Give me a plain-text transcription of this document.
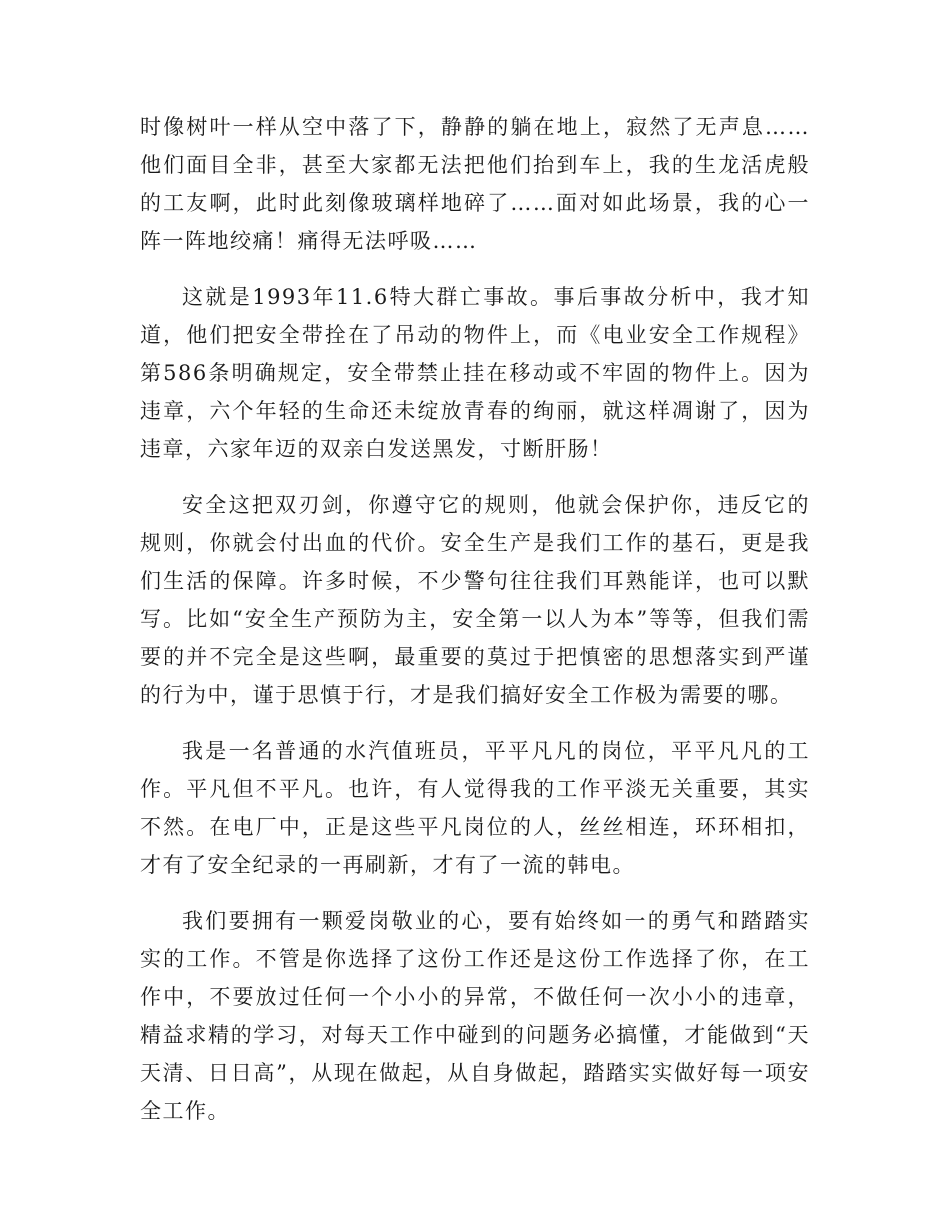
时像树叶一样从空中落了下，静静的躺在地上，寂然了无声息……他们面目全非，甚至大家都无法把他们抬到车上，我的生龙活虎般的工友啊，此时此刻像玻璃样地碎了……面对如此场景，我的心一阵一阵地绞痛！痛得无法呼吸……

这就是1993年11.6特大群亡事故。事后事故分析中，我才知道，他们把安全带拴在了吊动的物件上，而《电业安全工作规程》第586条明确规定，安全带禁止挂在移动或不牢固的物件上。因为违章，六个年轻的生命还未绽放青春的绚丽，就这样凋谢了，因为违章，六家年迈的双亲白发送黑发，寸断肝肠！

安全这把双刃剑，你遵守它的规则，他就会保护你，违反它的规则，你就会付出血的代价。安全生产是我们工作的基石，更是我们生活的保障。许多时候，不少警句往往我们耳熟能详，也可以默写。比如“安全生产预防为主，安全第一以人为本”等等，但我们需要的并不完全是这些啊，最重要的莫过于把慎密的思想落实到严谨的行为中，谨于思慎于行，才是我们搞好安全工作极为需要的哪。

我是一名普通的水汽值班员，平平凡凡的岗位，平平凡凡的工作。平凡但不平凡。也许，有人觉得我的工作平淡无关重要，其实不然。在电厂中，正是这些平凡岗位的人，丝丝相连，环环相扣，才有了安全纪录的一再刷新，才有了一流的韩电。

我们要拥有一颗爱岗敬业的心，要有始终如一的勇气和踏踏实实的工作。不管是你选择了这份工作还是这份工作选择了你，在工作中，不要放过任何一个小小的异常，不做任何一次小小的违章，精益求精的学习，对每天工作中碰到的问题务必搞懂，才能做到“天天清、日日高”，从现在做起，从自身做起，踏踏实实做好每一项安全工作。
